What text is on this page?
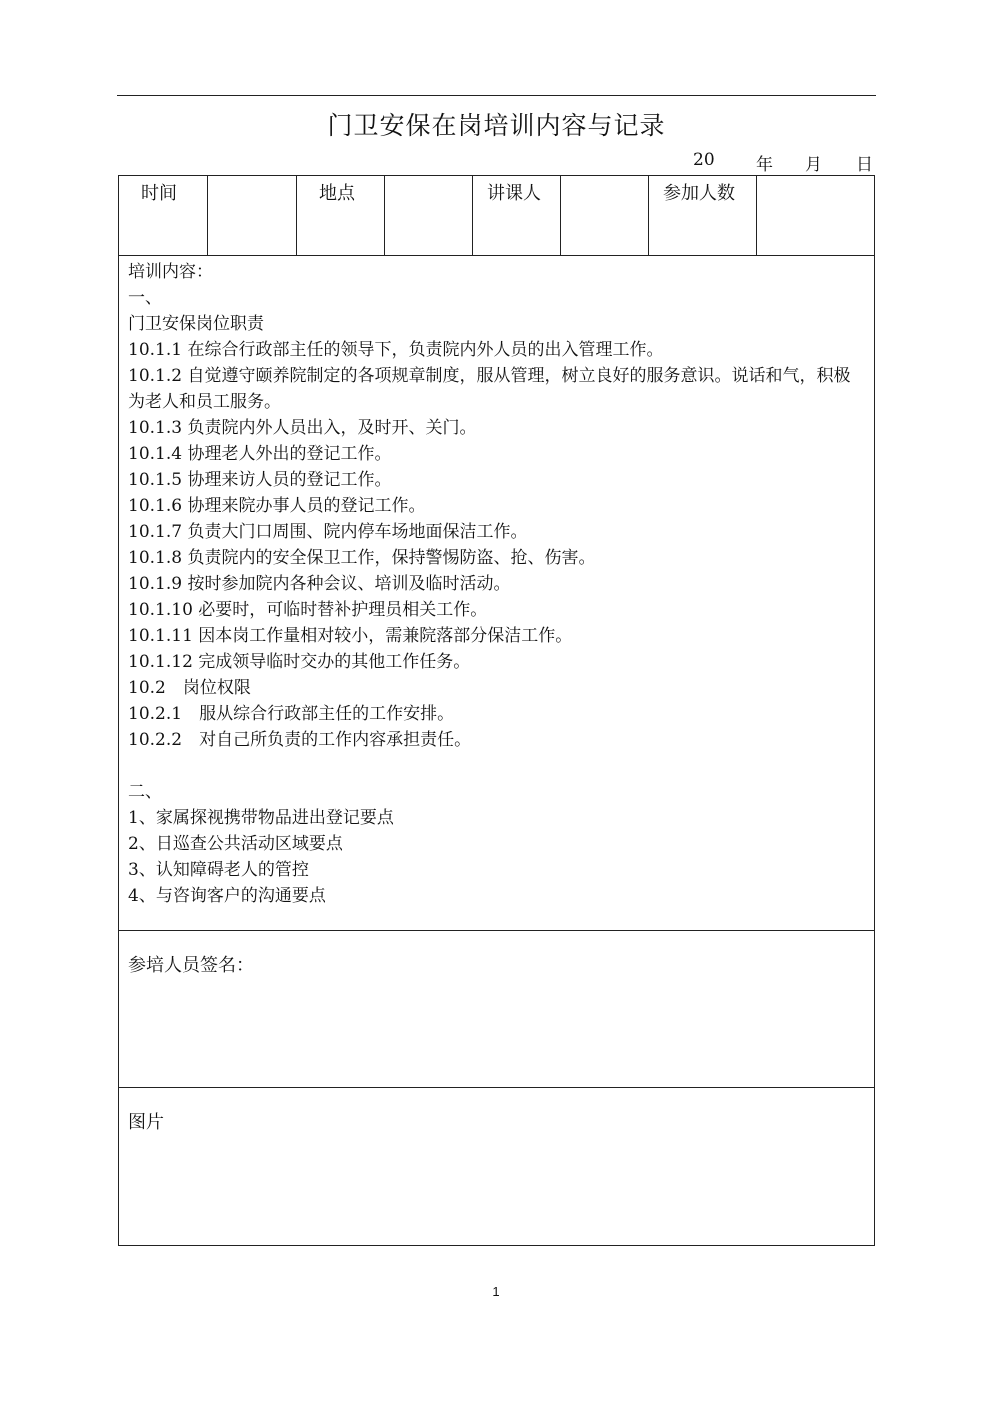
门卫安保在岗培训内容与记录
20 年 月 日
时间	地点	讲课人	参加人数
培训内容：
一、
门卫安保岗位职责
10.1.1 在综合行政部主任的领导下，负责院内外人员的出入管理工作。
10.1.2 自觉遵守颐养院制定的各项规章制度，服从管理，树立良好的服务意识。说话和气，积极为老人和员工服务。
10.1.3 负责院内外人员出入，及时开、关门。
10.1.4 协理老人外出的登记工作。
10.1.5 协理来访人员的登记工作。
10.1.6 协理来院办事人员的登记工作。
10.1.7 负责大门口周围、院内停车场地面保洁工作。
10.1.8 负责院内的安全保卫工作，保持警惕防盗、抢、伤害。
10.1.9 按时参加院内各种会议、培训及临时活动。
10.1.10 必要时，可临时替补护理员相关工作。
10.1.11 因本岗工作量相对较小，需兼院落部分保洁工作。
10.1.12 完成领导临时交办的其他工作任务。
10.2　岗位权限
10.2.1　服从综合行政部主任的工作安排。
10.2.2　对自己所负责的工作内容承担责任。
二、
1、家属探视携带物品进出登记要点
2、日巡查公共活动区域要点
3、认知障碍老人的管控
4、与咨询客户的沟通要点
参培人员签名：
图片
1
